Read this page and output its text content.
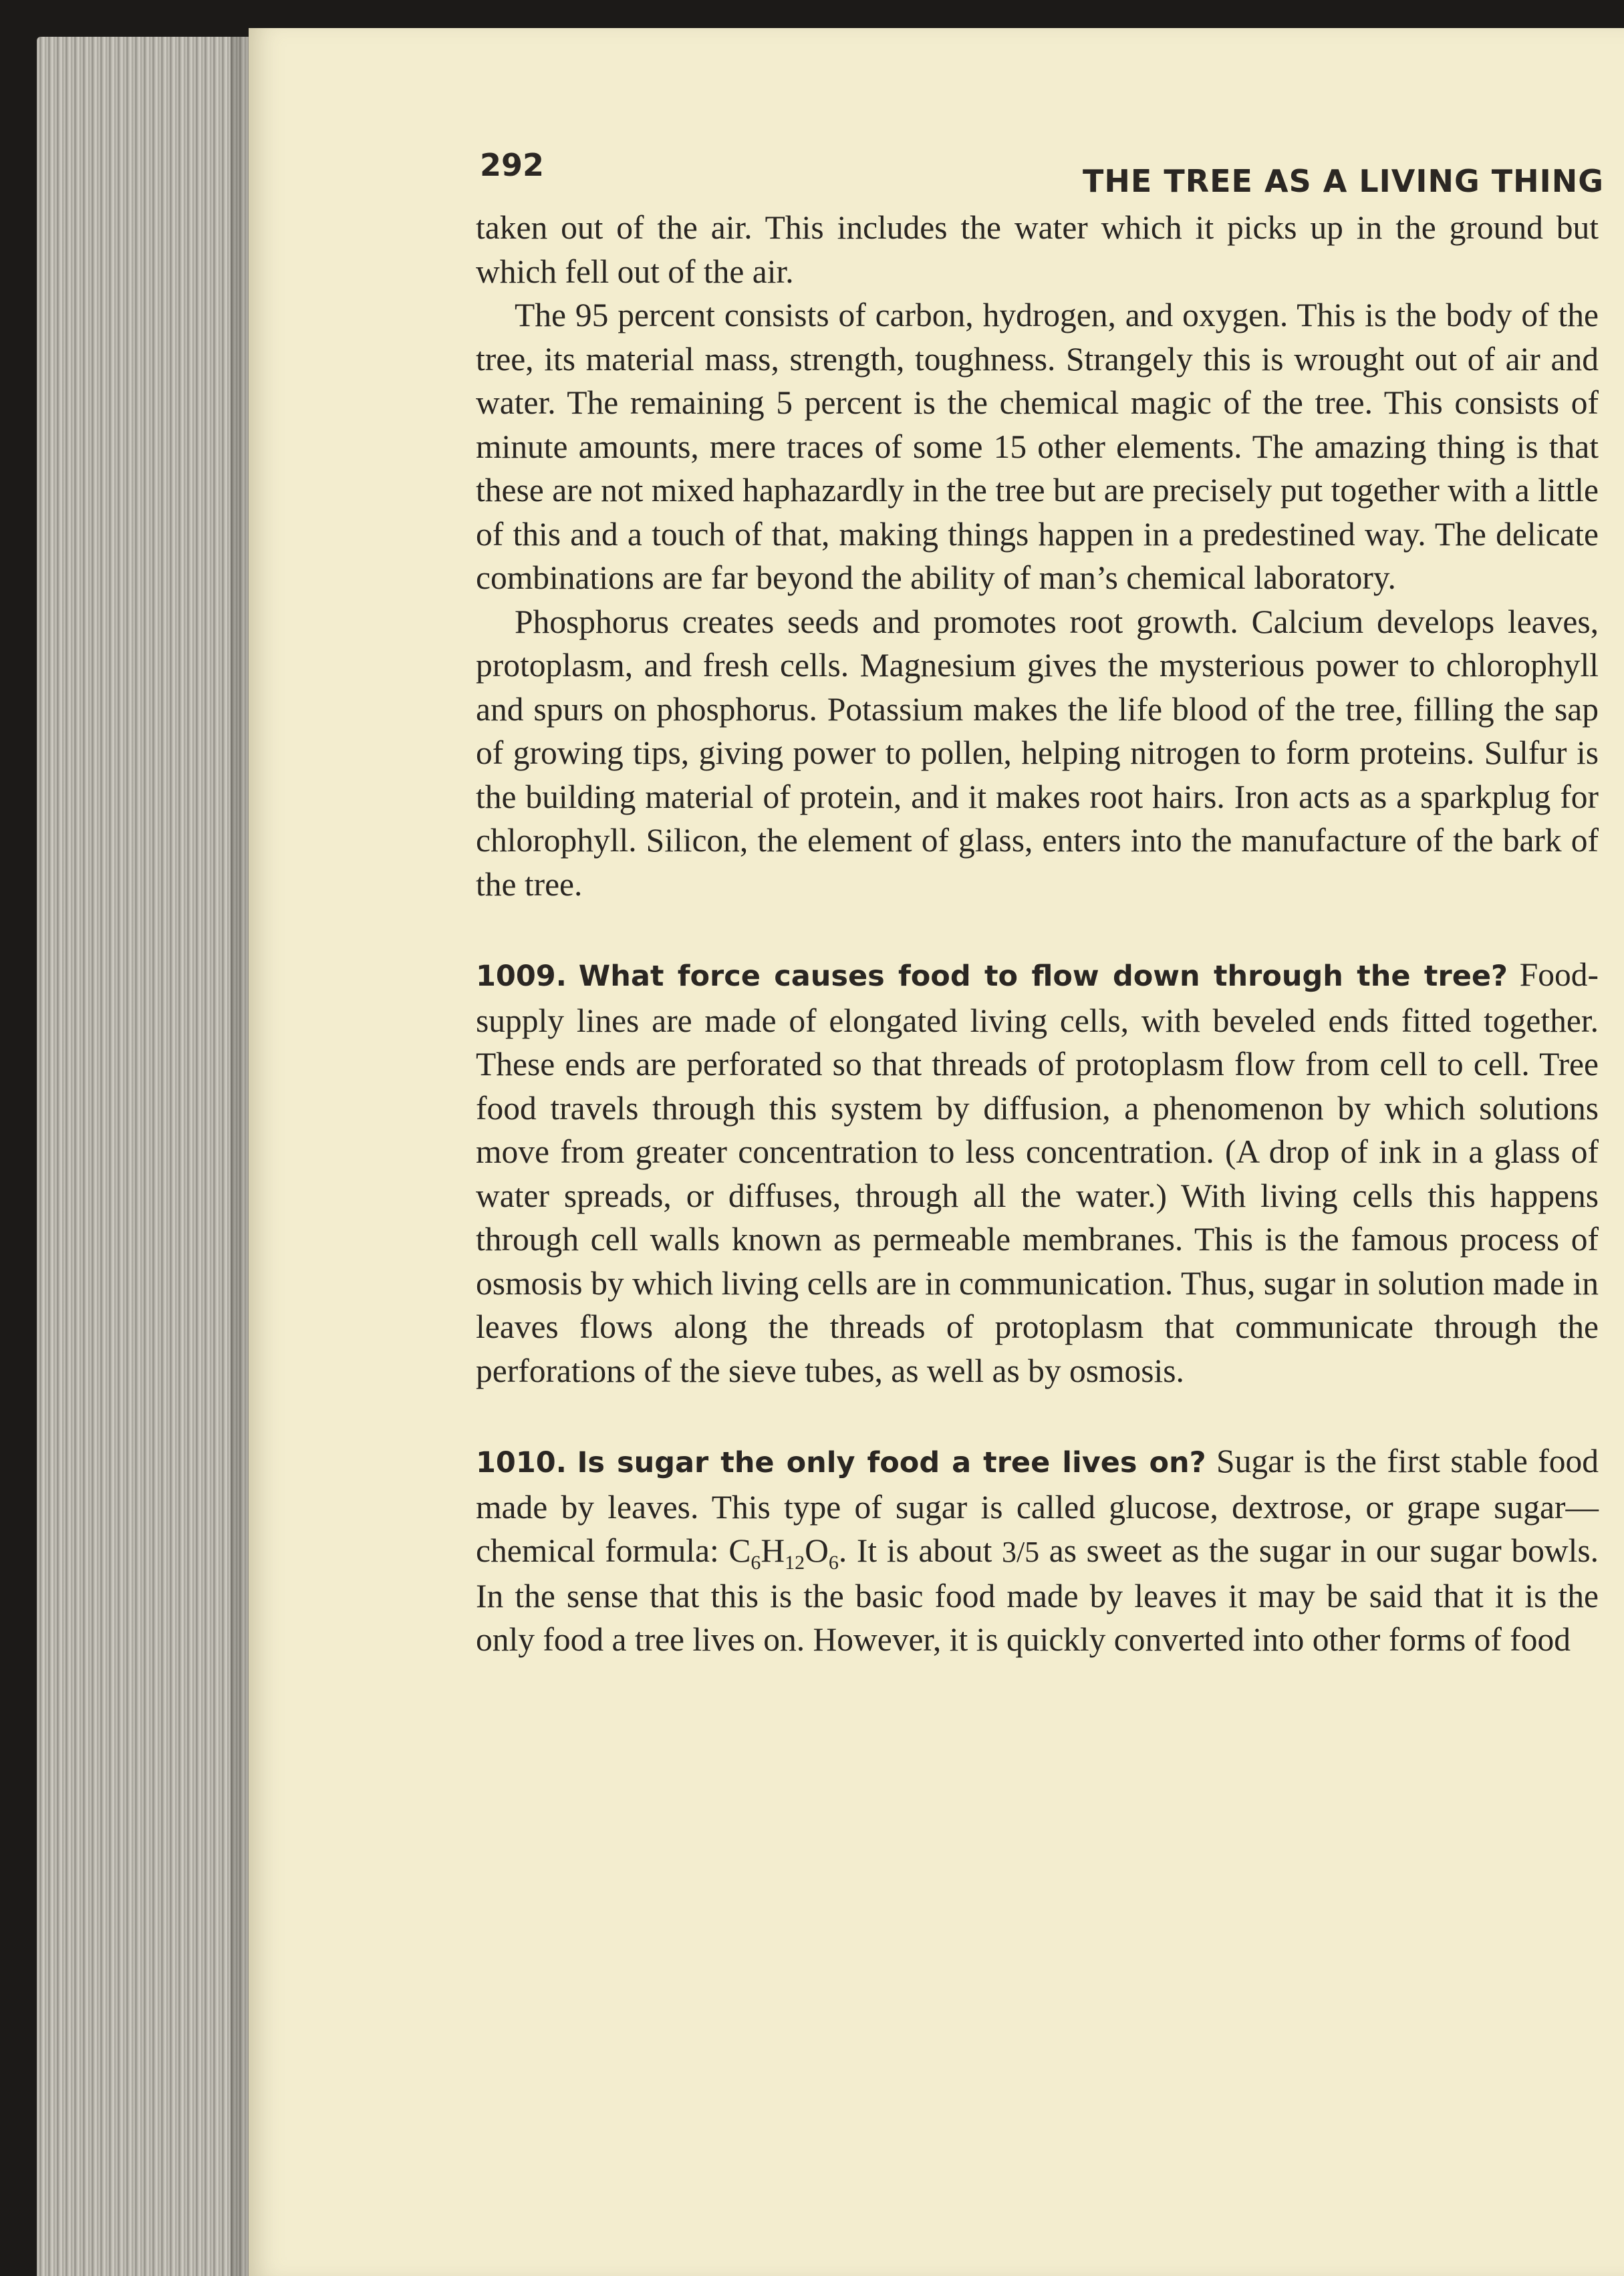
292	THE TREE AS A LIVING THING

taken out of the air. This includes the water which it picks up in the ground but which fell out of the air.

The 95 percent consists of carbon, hydrogen, and oxygen. This is the body of the tree, its material mass, strength, toughness. Strangely this is wrought out of air and water. The remaining 5 percent is the chemical magic of the tree. This consists of minute amounts, mere traces of some 15 other elements. The amazing thing is that these are not mixed haphazardly in the tree but are precisely put together with a little of this and a touch of that, making things happen in a predestined way. The delicate combinations are far beyond the ability of man’s chemical laboratory.

Phosphorus creates seeds and promotes root growth. Calcium develops leaves, protoplasm, and fresh cells. Magnesium gives the mysterious power to chlorophyll and spurs on phosphorus. Potassium makes the life blood of the tree, filling the sap of growing tips, giving power to pollen, helping nitrogen to form proteins. Sulfur is the building material of protein, and it makes root hairs. Iron acts as a sparkplug for chlorophyll. Silicon, the element of glass, enters into the manufacture of the bark of the tree.

1009. What force causes food to flow down through the tree? Food-supply lines are made of elongated living cells, with beveled ends fitted together. These ends are perforated so that threads of protoplasm flow from cell to cell. Tree food travels through this system by diffusion, a phenomenon by which solutions move from greater concentration to less concentration. (A drop of ink in a glass of water spreads, or diffuses, through all the water.) With living cells this happens through cell walls known as permeable membranes. This is the famous process of osmosis by which living cells are in communication. Thus, sugar in solution made in leaves flows along the threads of protoplasm that communicate through the perforations of the sieve tubes, as well as by osmosis.

1010. Is sugar the only food a tree lives on? Sugar is the first stable food made by leaves. This type of sugar is called glucose, dextrose, or grape sugar—chemical formula: $C_6H_{12}O_6$. It is about 3/5 as sweet as the sugar in our sugar bowls. In the sense that this is the basic food made by leaves it may be said that it is the only food a tree lives on. However, it is quickly converted into other forms of food
